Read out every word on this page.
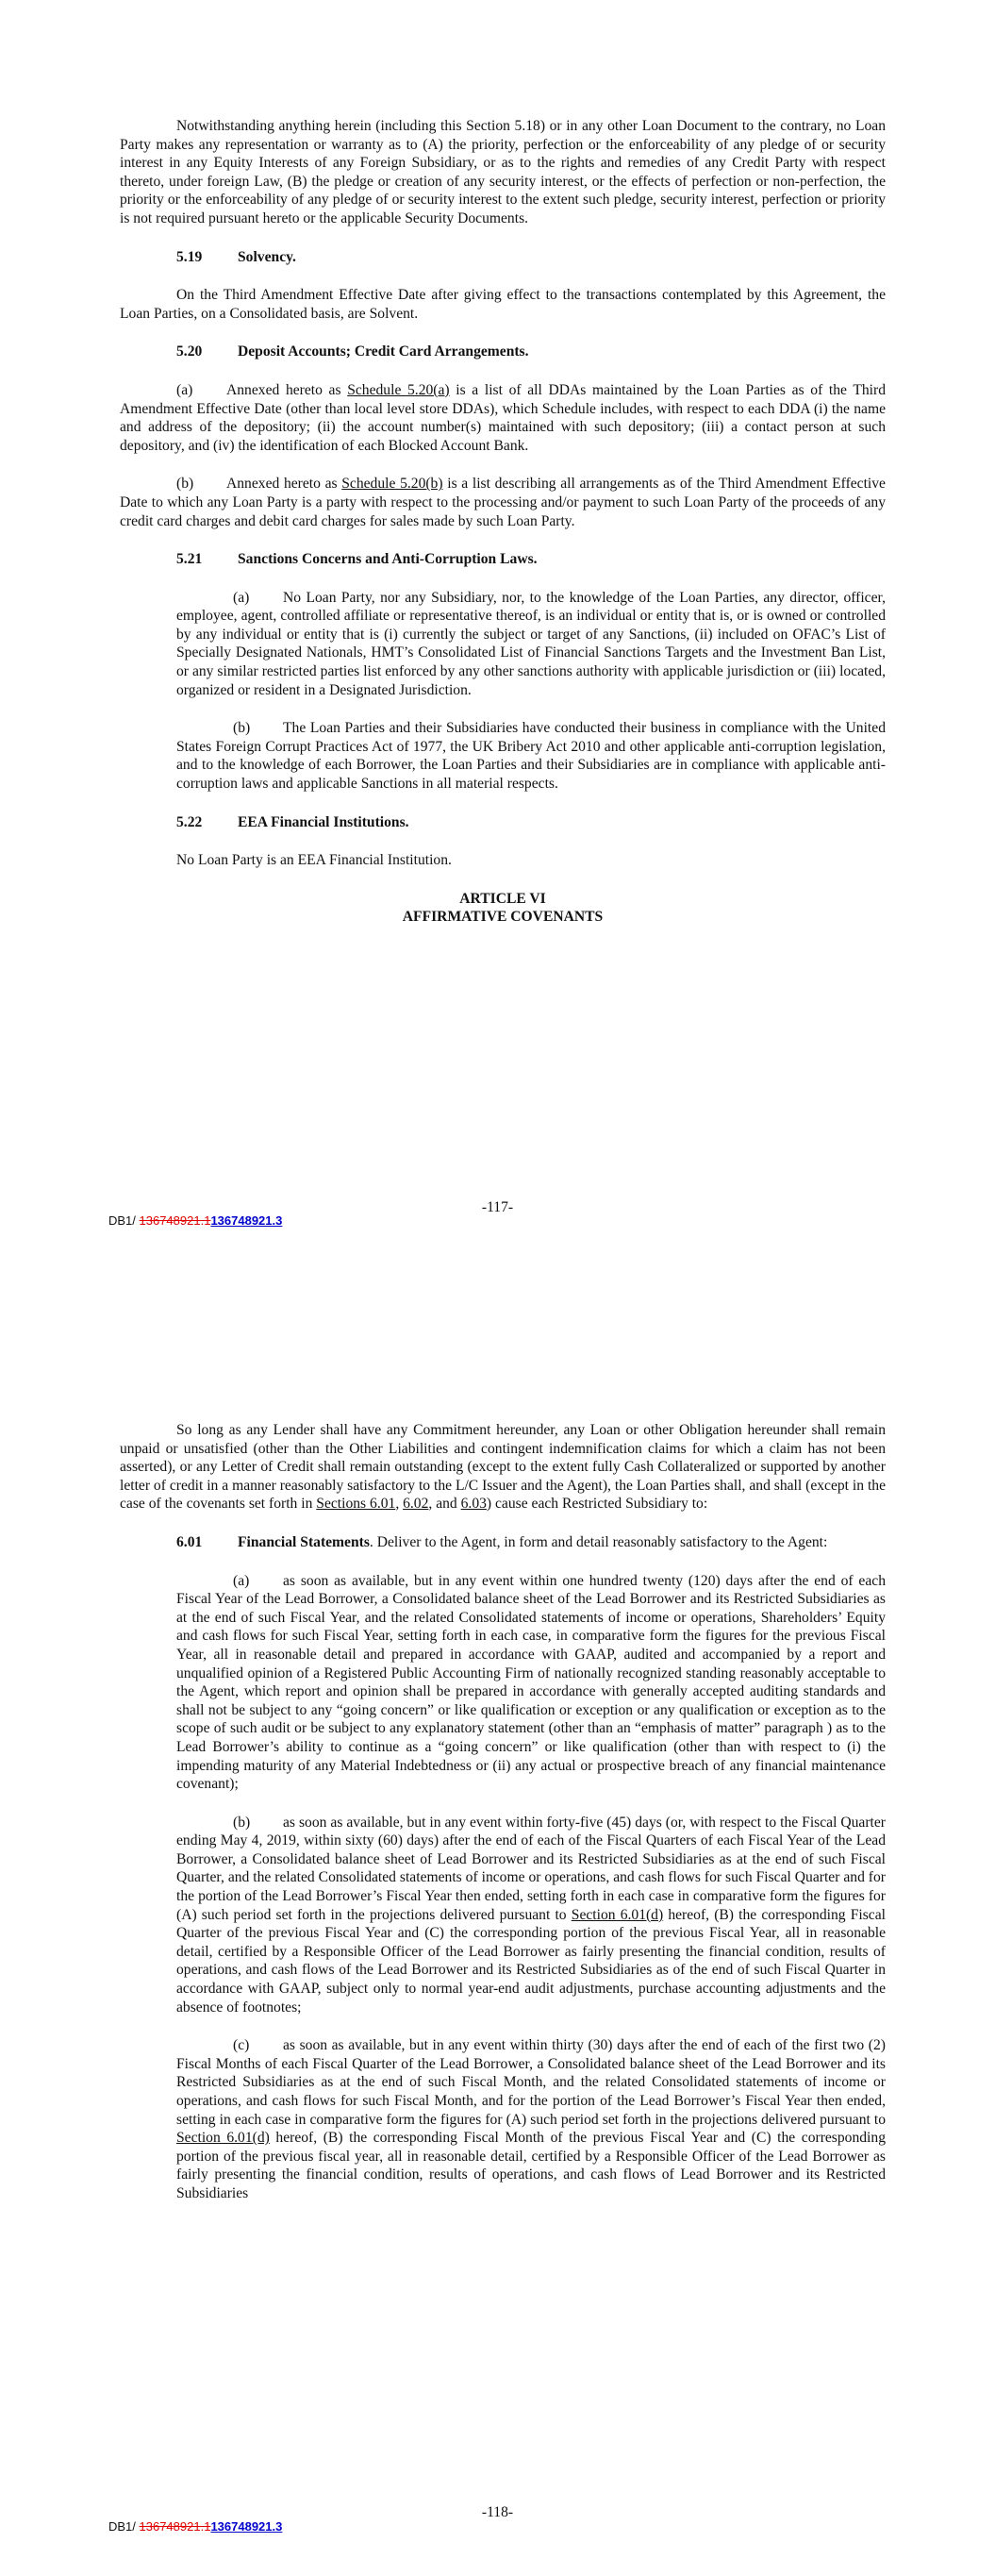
Notwithstanding anything herein (including this Section 5.18) or in any other Loan Document to the contrary, no Loan Party makes any representation or warranty as to (A) the priority, perfection or the enforceability of any pledge of or security interest in any Equity Interests of any Foreign Subsidiary, or as to the rights and remedies of any Credit Party with respect thereto, under foreign Law, (B) the pledge or creation of any security interest, or the effects of perfection or non-perfection, the priority or the enforceability of any pledge of or security interest to the extent such pledge, security interest, perfection or priority is not required pursuant hereto or the applicable Security Documents.

5.19 Solvency.

On the Third Amendment Effective Date after giving effect to the transactions contemplated by this Agreement, the Loan Parties, on a Consolidated basis, are Solvent.

5.20 Deposit Accounts; Credit Card Arrangements.

(a) Annexed hereto as Schedule 5.20(a) is a list of all DDAs maintained by the Loan Parties as of the Third Amendment Effective Date (other than local level store DDAs), which Schedule includes, with respect to each DDA (i) the name and address of the depository; (ii) the account number(s) maintained with such depository; (iii) a contact person at such depository, and (iv) the identification of each Blocked Account Bank.

(b) Annexed hereto as Schedule 5.20(b) is a list describing all arrangements as of the Third Amendment Effective Date to which any Loan Party is a party with respect to the processing and/or payment to such Loan Party of the proceeds of any credit card charges and debit card charges for sales made by such Loan Party.

5.21 Sanctions Concerns and Anti-Corruption Laws.

(a) No Loan Party, nor any Subsidiary, nor, to the knowledge of the Loan Parties, any director, officer, employee, agent, controlled affiliate or representative thereof, is an individual or entity that is, or is owned or controlled by any individual or entity that is (i) currently the subject or target of any Sanctions, (ii) included on OFAC’s List of Specially Designated Nationals, HMT’s Consolidated List of Financial Sanctions Targets and the Investment Ban List, or any similar restricted parties list enforced by any other sanctions authority with applicable jurisdiction or (iii) located, organized or resident in a Designated Jurisdiction.

(b) The Loan Parties and their Subsidiaries have conducted their business in compliance with the United States Foreign Corrupt Practices Act of 1977, the UK Bribery Act 2010 and other applicable anti-corruption legislation, and to the knowledge of each Borrower, the Loan Parties and their Subsidiaries are in compliance with applicable anti-corruption laws and applicable Sanctions in all material respects.

5.22 EEA Financial Institutions.

No Loan Party is an EEA Financial Institution.

ARTICLE VI

AFFIRMATIVE COVENANTS

-117-
DB1/ 136748921.1136748921.3

So long as any Lender shall have any Commitment hereunder, any Loan or other Obligation hereunder shall remain unpaid or unsatisfied (other than the Other Liabilities and contingent indemnification claims for which a claim has not been asserted), or any Letter of Credit shall remain outstanding (except to the extent fully Cash Collateralized or supported by another letter of credit in a manner reasonably satisfactory to the L/C Issuer and the Agent), the Loan Parties shall, and shall (except in the case of the covenants set forth in Sections 6.01, 6.02, and 6.03) cause each Restricted Subsidiary to:

6.01 Financial Statements. Deliver to the Agent, in form and detail reasonably satisfactory to the Agent:

(a) as soon as available, but in any event within one hundred twenty (120) days after the end of each Fiscal Year of the Lead Borrower, a Consolidated balance sheet of the Lead Borrower and its Restricted Subsidiaries as at the end of such Fiscal Year, and the related Consolidated statements of income or operations, Shareholders’ Equity and cash flows for such Fiscal Year, setting forth in each case, in comparative form the figures for the previous Fiscal Year, all in reasonable detail and prepared in accordance with GAAP, audited and accompanied by a report and unqualified opinion of a Registered Public Accounting Firm of nationally recognized standing reasonably acceptable to the Agent, which report and opinion shall be prepared in accordance with generally accepted auditing standards and shall not be subject to any “going concern” or like qualification or exception or any qualification or exception as to the scope of such audit or be subject to any explanatory statement (other than an “emphasis of matter” paragraph ) as to the Lead Borrower’s ability to continue as a “going concern” or like qualification (other than with respect to (i) the impending maturity of any Material Indebtedness or (ii) any actual or prospective breach of any financial maintenance covenant);

(b) as soon as available, but in any event within forty-five (45) days (or, with respect to the Fiscal Quarter ending May 4, 2019, within sixty (60) days) after the end of each of the Fiscal Quarters of each Fiscal Year of the Lead Borrower, a Consolidated balance sheet of Lead Borrower and its Restricted Subsidiaries as at the end of such Fiscal Quarter, and the related Consolidated statements of income or operations, and cash flows for such Fiscal Quarter and for the portion of the Lead Borrower’s Fiscal Year then ended, setting forth in each case in comparative form the figures for (A) such period set forth in the projections delivered pursuant to Section 6.01(d) hereof, (B) the corresponding Fiscal Quarter of the previous Fiscal Year and (C) the corresponding portion of the previous Fiscal Year, all in reasonable detail, certified by a Responsible Officer of the Lead Borrower as fairly presenting the financial condition, results of operations, and cash flows of the Lead Borrower and its Restricted Subsidiaries as of the end of such Fiscal Quarter in accordance with GAAP, subject only to normal year-end audit adjustments, purchase accounting adjustments and the absence of footnotes;

(c) as soon as available, but in any event within thirty (30) days after the end of each of the first two (2) Fiscal Months of each Fiscal Quarter of the Lead Borrower, a Consolidated balance sheet of the Lead Borrower and its Restricted Subsidiaries as at the end of such Fiscal Month, and the related Consolidated statements of income or operations, and cash flows for such Fiscal Month, and for the portion of the Lead Borrower’s Fiscal Year then ended, setting in each case in comparative form the figures for (A) such period set forth in the projections delivered pursuant to Section 6.01(d) hereof, (B) the corresponding Fiscal Month of the previous Fiscal Year and (C) the corresponding portion of the previous fiscal year, all in reasonable detail, certified by a Responsible Officer of the Lead Borrower as fairly presenting the financial condition, results of operations, and cash flows of Lead Borrower and its Restricted Subsidiaries

-118-
DB1/ 136748921.1136748921.3
